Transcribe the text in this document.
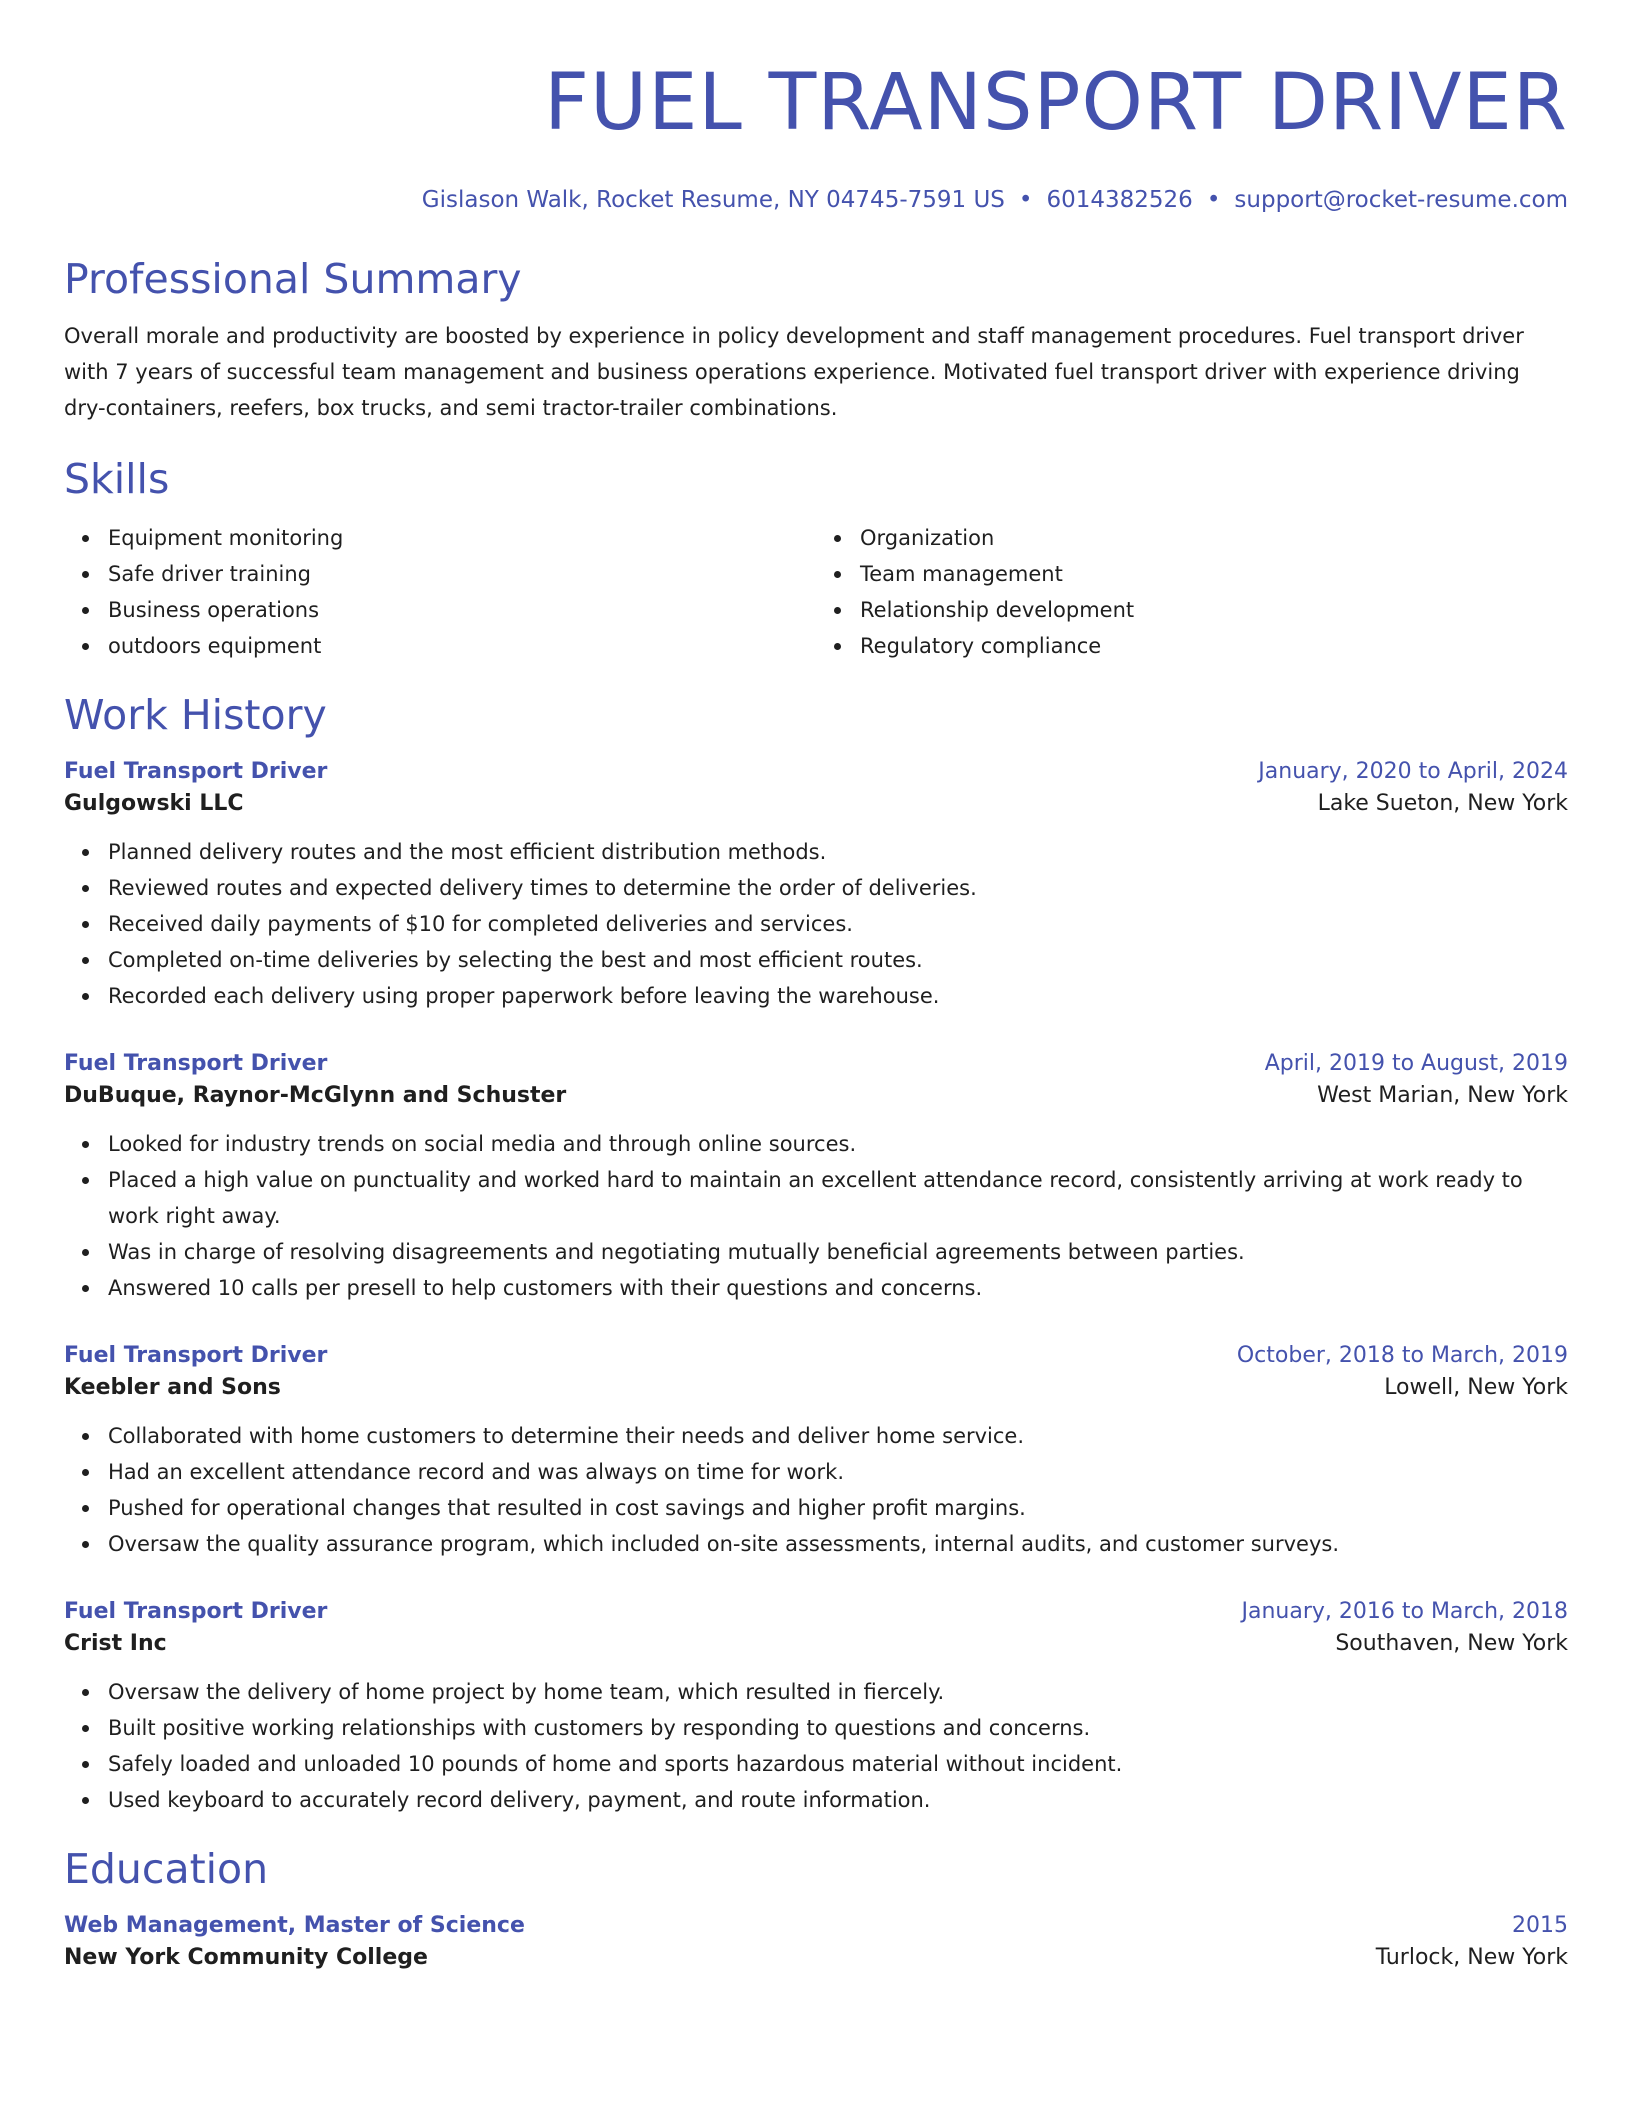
FUEL TRANSPORT DRIVER
Gislason Walk, Rocket Resume, NY 04745-7591 US • 6014382526 • support@rocket-resume.com
Professional Summary

Overall morale and productivity are boosted by experience in policy development and staff management procedures. Fuel transport driver with 7 years of successful team management and business operations experience. Motivated fuel transport driver with experience driving dry-containers, reefers, box trucks, and semi tractor-trailer combinations.

Skills
Equipment monitoring
Safe driver training
Business operations
outdoors equipment
Organization
Team management
Relationship development
Regulatory compliance
Work History
Fuel Transport Driver	January, 2020 to April, 2024
Gulgowski LLC	Lake Sueton, New York
Planned delivery routes and the most efficient distribution methods.
Reviewed routes and expected delivery times to determine the order of deliveries.
Received daily payments of $10 for completed deliveries and services.
Completed on-time deliveries by selecting the best and most efficient routes.
Recorded each delivery using proper paperwork before leaving the warehouse.
Fuel Transport Driver	April, 2019 to August, 2019
DuBuque, Raynor-McGlynn and Schuster	West Marian, New York
Looked for industry trends on social media and through online sources.
Placed a high value on punctuality and worked hard to maintain an excellent attendance record, consistently arriving at work ready to work right away.
Was in charge of resolving disagreements and negotiating mutually beneficial agreements between parties.
Answered 10 calls per presell to help customers with their questions and concerns.
Fuel Transport Driver	October, 2018 to March, 2019
Keebler and Sons	Lowell, New York
Collaborated with home customers to determine their needs and deliver home service.
Had an excellent attendance record and was always on time for work.
Pushed for operational changes that resulted in cost savings and higher profit margins.
Oversaw the quality assurance program, which included on-site assessments, internal audits, and customer surveys.
Fuel Transport Driver	January, 2016 to March, 2018
Crist Inc	Southaven, New York
Oversaw the delivery of home project by home team, which resulted in fiercely.
Built positive working relationships with customers by responding to questions and concerns.
Safely loaded and unloaded 10 pounds of home and sports hazardous material without incident.
Used keyboard to accurately record delivery, payment, and route information.
Education
Web Management, Master of Science	2015
New York Community College	Turlock, New York
